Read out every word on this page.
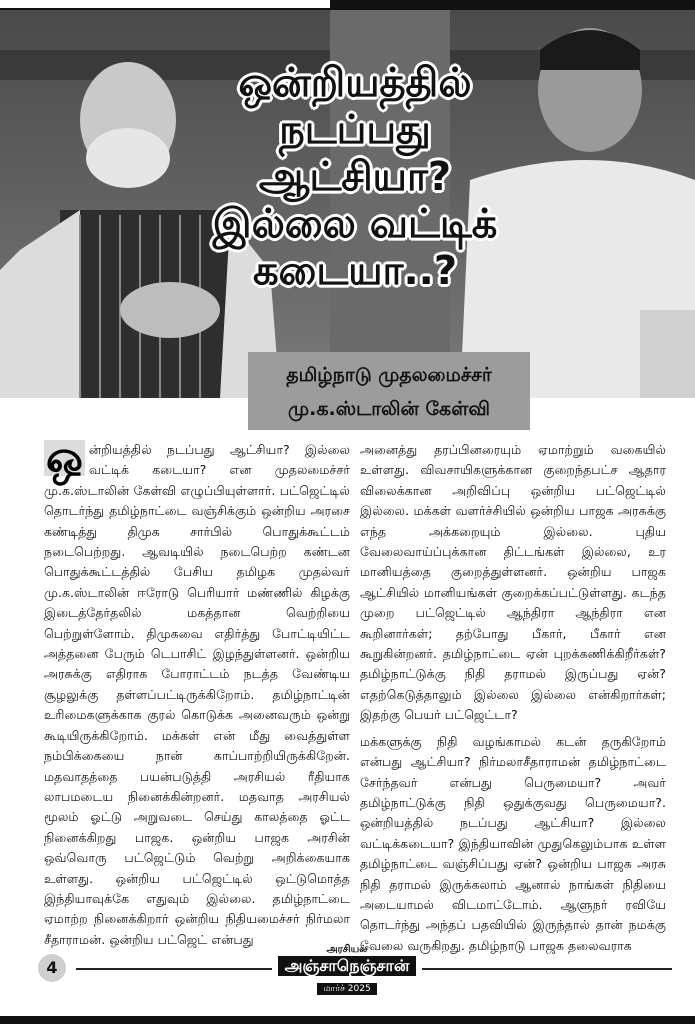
ஒன்றியத்தில்
நடப்பது
ஆட்சியா?
இல்லை வட்டிக்
கடையா..?
தமிழ்நாடு முதலமைச்சர்
மு.க.ஸ்டாலின் கேள்வி

ஒ ன்றியத்தில் நடப்பது ஆட்சியா? இல்லை வட்டிக் கடையா? என முதலமைச்சர் மு.க.ஸ்டாலின் கேள்வி எழுப்பியுள்ளார். பட்ஜெட்டில் தொடர்ந்து தமிழ்நாட்டை வஞ்சிக்கும் ஒன்றிய அரசை கண்டித்து திமுக சார்பில் பொதுக்கூட்டம் நடைபெற்றது. ஆவடியில் நடைபெற்ற கண்டன பொதுக்கூட்டத்தில் பேசிய தமிழக முதல்வர் மு.க.ஸ்டாலின் ஈரோடு பெரியார் மண்ணில் கிழக்கு இடைத்தேர்தலில் மகத்தான வெற்றியை பெற்றுள்ளோம். திமுகவை எதிர்த்து போட்டியிட்ட அத்தனை பேரும் டெபாசிட் இழந்துள்ளனர். ஒன்றிய அரசுக்கு எதிராக போராட்டம் நடத்த வேண்டிய சூழலுக்கு தள்ளப்பட்டிருக்கிறோம். தமிழ்நாட்டின் உரிமைகளுக்காக குரல் கொடுக்க அனைவரும் ஒன்று கூடியிருக்கிறோம். மக்கள் என் மீது வைத்துள்ள நம்பிக்கையை நான் காப்பாற்றியிருக்கிறேன். மதவாதத்தை பயன்படுத்தி அரசியல் ரீதியாக லாபமடைய நினைக்கின்றனர். மதவாத அரசியல் மூலம் ஓட்டு அறுவடை செய்து காலத்தை ஓட்ட நினைக்கிறது பாஜக. ஒன்றிய பாஜக அரசின் ஒவ்வொரு பட்ஜெட்டும் வெற்று அறிக்கையாக உள்ளது. ஒன்றிய பட்ஜெட்டில் ஒட்டுமொத்த இந்தியாவுக்கே எதுவும் இல்லை. தமிழ்நாட்டை ஏமாற்ற நினைக்கிறார் ஒன்றிய நிதியமைச்சர் நிர்மலா சீதாராமன். ஒன்றிய பட்ஜெட் என்பது

அனைத்து தரப்பினரையும் ஏமாற்றும் வகையில் உள்ளது. விவசாயிகளுக்கான குறைந்தபட்ச ஆதார விலைக்கான அறிவிப்பு ஒன்றிய பட்ஜெட்டில் இல்லை. மக்கள் வளர்ச்சியில் ஒன்றிய பாஜக அரசுக்கு எந்த அக்கறையும் இல்லை. புதிய வேலைவாய்ப்புக்கான திட்டங்கள் இல்லை, உர மானியத்தை குறைத்துள்ளனர். ஒன்றிய பாஜக ஆட்சியில் மானியங்கள் குறைக்கப்பட்டுள்ளது. கடந்த முறை பட்ஜெட்டில் ஆந்திரா ஆந்திரா என கூறினார்கள்; தற்போது பீகார், பீகார் என கூறுகின்றனர். தமிழ்நாட்டை ஏன் புறக்கணிக்கிறீர்கள்? தமிழ்நாட்டுக்கு நிதி தராமல் இருப்பது ஏன்? எதற்கெடுத்தாலும் இல்லை இல்லை என்கிறார்கள்; இதற்கு பெயர் பட்ஜெட்டா?

மக்களுக்கு நிதி வழங்காமல் கடன் தருகிறோம் என்பது ஆட்சியா? நிர்மலாசீதாராமன் தமிழ்நாட்டை சேர்ந்தவர் என்பது பெருமையா? அவர் தமிழ்நாட்டுக்கு நிதி ஒதுக்குவது பெருமையா?. ஒன்றியத்தில் நடப்பது ஆட்சியா? இல்லை வட்டிக்கடையா? இந்தியாவின் முதுகெலும்பாக உள்ள தமிழ்நாட்டை வஞ்சிப்பது ஏன்? ஒன்றிய பாஜக அரசு நிதி தராமல் இருக்கலாம் ஆனால் நாங்கள் நிதியை அடையாமல் விடமாட்டோம். ஆளுநர் ரவியே தொடர்ந்து அந்தப் பதவியில் இருந்தால் தான் நமக்கு வேலை வருகிறது. தமிழ்நாடு பாஜக தலைவராக

4
அரசியல்
அஞ்சாநெஞ்சான்
மார்ச் 2025
